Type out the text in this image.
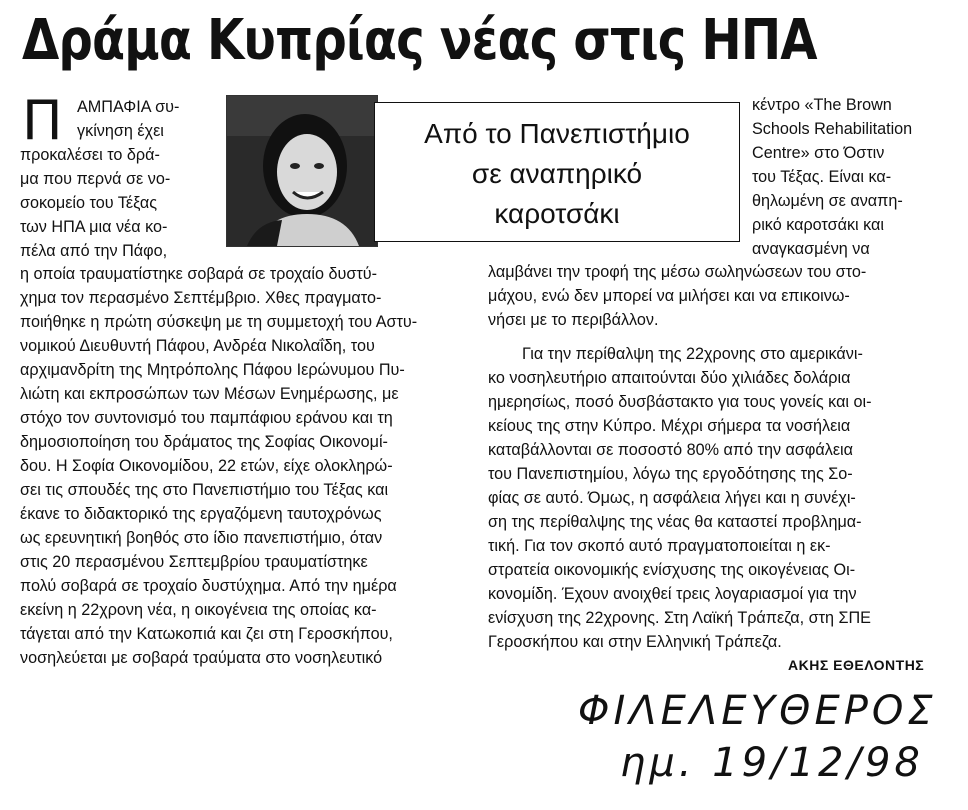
Δράμα Κυπρίας νέας στις ΗΠΑ
Π	Από το Πανεπιστήμιο
σε αναπηρικό
καροτσάκι
ΑΜΠΑΦΙΑ συ-
γκίνηση έχει
προκαλέσει το δρά-
μα που περνά σε νο-
σοκομείο του Τέξας
των ΗΠΑ μια νέα κο-
πέλα από την Πάφο,
η οποία τραυματίστηκε σοβαρά σε τροχαίο δυστύ-
χημα τον περασμένο Σεπτέμβριο. Χθες πραγματο-
ποιήθηκε η πρώτη σύσκεψη με τη συμμετοχή του Αστυ-
νομικού Διευθυντή Πάφου, Ανδρέα Νικολαΐδη, του
αρχιμανδρίτη της Μητρόπολης Πάφου Ιερώνυμου Πυ-
λιώτη και εκπροσώπων των Μέσων Ενημέρωσης, με
στόχο τον συντονισμό του παμπάφιου εράνου και τη
δημοσιοποίηση του δράματος της Σοφίας Οικονομί-
δου. Η Σοφία Οικονομίδου, 22 ετών, είχε ολοκληρώ-
σει τις σπουδές της στο Πανεπιστήμιο του Τέξας και
έκανε το διδακτορικό της εργαζόμενη ταυτοχρόνως
ως ερευνητική βοηθός στο ίδιο πανεπιστήμιο, όταν
στις 20 περασμένου Σεπτεμβρίου τραυματίστηκε
πολύ σοβαρά σε τροχαίο δυστύχημα. Από την ημέρα
εκείνη η 22χρονη νέα, η οικογένεια της οποίας κα-
τάγεται από την Κατωκοπιά και ζει στη Γεροσκήπου,
νοσηλεύεται με σοβαρά τραύματα στο νοσηλευτικό
κέντρο «The Brown
Schools Rehabilitation
Centre» στο Όστιν
του Τέξας. Είναι κα-
θηλωμένη σε αναπη-
ρικό καροτσάκι και
αναγκασμένη να
λαμβάνει την τροφή της μέσω σωληνώσεων του στο-
μάχου, ενώ δεν μπορεί να μιλήσει και να επικοινω-
νήσει με το περιβάλλον.
Για την περίθαλψη της 22χρονης στο αμερικάνι-
κο νοσηλευτήριο απαιτούνται δύο χιλιάδες δολάρια
ημερησίως, ποσό δυσβάστακτο για τους γονείς και οι-
κείους της στην Κύπρο. Μέχρι σήμερα τα νοσήλεια
καταβάλλονται σε ποσοστό 80% από την ασφάλεια
του Πανεπιστημίου, λόγω της εργοδότησης της Σο-
φίας σε αυτό. Όμως, η ασφάλεια λήγει και η συνέχι-
ση της περίθαλψης της νέας θα καταστεί προβλημα-
τική. Για τον σκοπό αυτό πραγματοποιείται η εκ-
στρατεία οικονομικής ενίσχυσης της οικογένειας Οι-
κονομίδη. Έχουν ανοιχθεί τρεις λογαριασμοί για την
ενίσχυση της 22χρονης. Στη Λαϊκή Τράπεζα, στη ΣΠΕ
Γεροσκήπου και στην Ελληνική Τράπεζα.
ΑΚΗΣ ΕΘΕΛΟΝΤΗΣ
ΦΙΛΕΛΕΥΘΕΡΟΣ
ημ. 19/12/98
